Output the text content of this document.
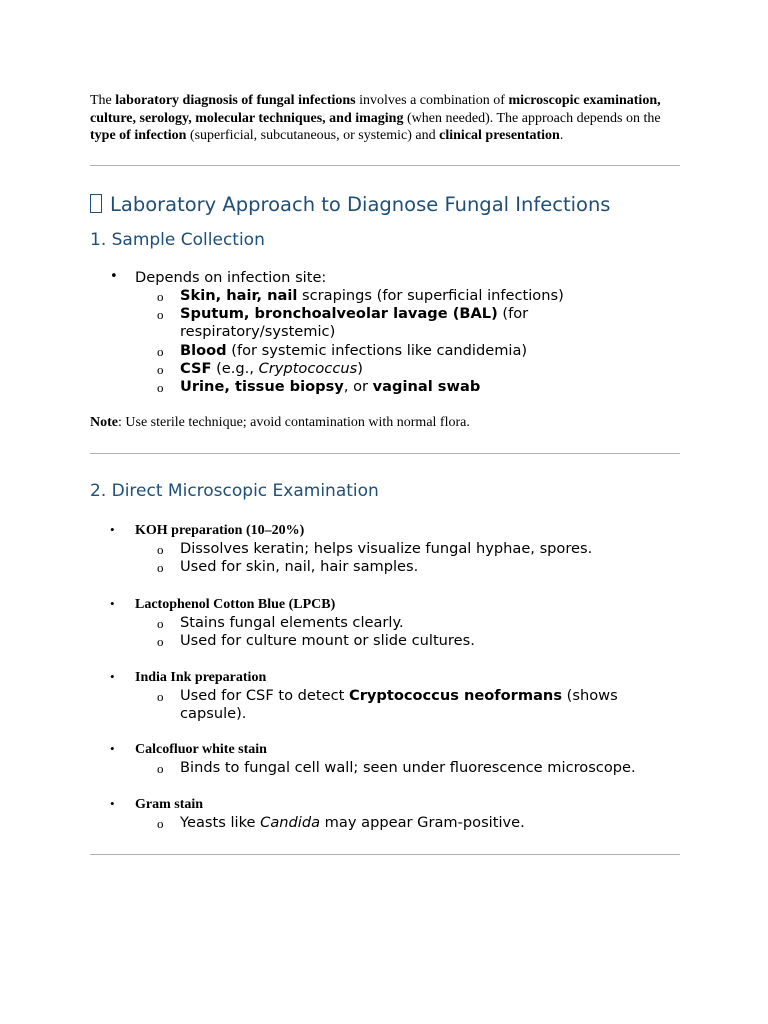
The laboratory diagnosis of fungal infections involves a combination of microscopic examination, culture, serology, molecular techniques, and imaging (when needed). The approach depends on the type of infection (superficial, subcutaneous, or systemic) and clinical presentation.

Laboratory Approach to Diagnose Fungal Infections
1. Sample Collection
• Depends on infection site:
o Skin, hair, nail scrapings (for superficial infections)
o Sputum, bronchoalveolar lavage (BAL) (for respiratory/systemic)
o Blood (for systemic infections like candidemia)
o CSF (e.g., Cryptococcus)
o Urine, tissue biopsy, or vaginal swab

Note: Use sterile technique; avoid contamination with normal flora.

2. Direct Microscopic Examination
• KOH preparation (10–20%)
o Dissolves keratin; helps visualize fungal hyphae, spores.
o Used for skin, nail, hair samples.
• Lactophenol Cotton Blue (LPCB)
o Stains fungal elements clearly.
o Used for culture mount or slide cultures.
• India Ink preparation
o Used for CSF to detect Cryptococcus neoformans (shows capsule).
• Calcofluor white stain
o Binds to fungal cell wall; seen under fluorescence microscope.
• Gram stain
o Yeasts like Candida may appear Gram-positive.
